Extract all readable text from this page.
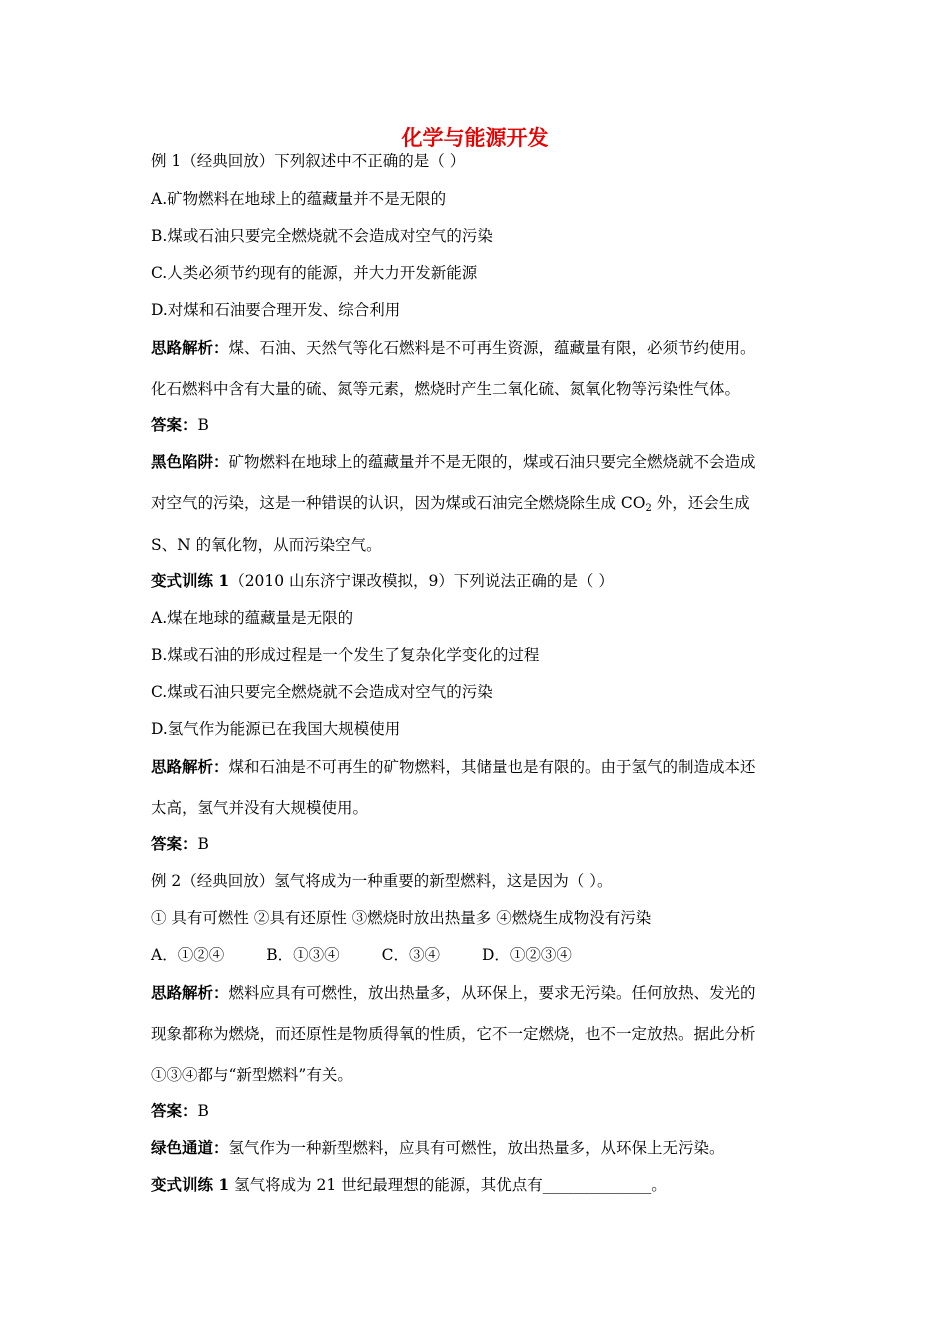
化学与能源开发
例 1（经典回放）下列叙述中不正确的是（ ）
A.矿物燃料在地球上的蕴藏量并不是无限的
B.煤或石油只要完全燃烧就不会造成对空气的污染
C.人类必须节约现有的能源，并大力开发新能源
D.对煤和石油要合理开发、综合利用
思路解析：煤、石油、天然气等化石燃料是不可再生资源，蕴藏量有限，必须节约使用。
化石燃料中含有大量的硫、氮等元素，燃烧时产生二氧化硫、氮氧化物等污染性气体。
答案：B
黑色陷阱：矿物燃料在地球上的蕴藏量并不是无限的，煤或石油只要完全燃烧就不会造成
对空气的污染，这是一种错误的认识，因为煤或石油完全燃烧除生成 $CO_2$ 外，还会生成
S、N 的氧化物，从而污染空气。
变式训练 1（2010 山东济宁课改模拟，9）下列说法正确的是（ ）
A.煤在地球的蕴藏量是无限的
B.煤或石油的形成过程是一个发生了复杂化学变化的过程
C.煤或石油只要完全燃烧就不会造成对空气的污染
D.氢气作为能源已在我国大规模使用
思路解析：煤和石油是不可再生的矿物燃料，其储量也是有限的。由于氢气的制造成本还
太高，氢气并没有大规模使用。
答案：B
例 2（经典回放）氢气将成为一种重要的新型燃料，这是因为（ ）。
① 具有可燃性 ②具有还原性 ③燃烧时放出热量多 ④燃烧生成物没有污染
A．①②④	B．①③④	C．③④	D．①②③④
思路解析：燃料应具有可燃性，放出热量多，从环保上，要求无污染。任何放热、发光的
现象都称为燃烧，而还原性是物质得氧的性质，它不一定燃烧，也不一定放热。据此分析
①③④都与“新型燃料”有关。
答案：B
绿色通道：氢气作为一种新型燃料，应具有可燃性，放出热量多，从环保上无污染。
变式训练 1 氢气将成为 21 世纪最理想的能源，其优点有______________。
